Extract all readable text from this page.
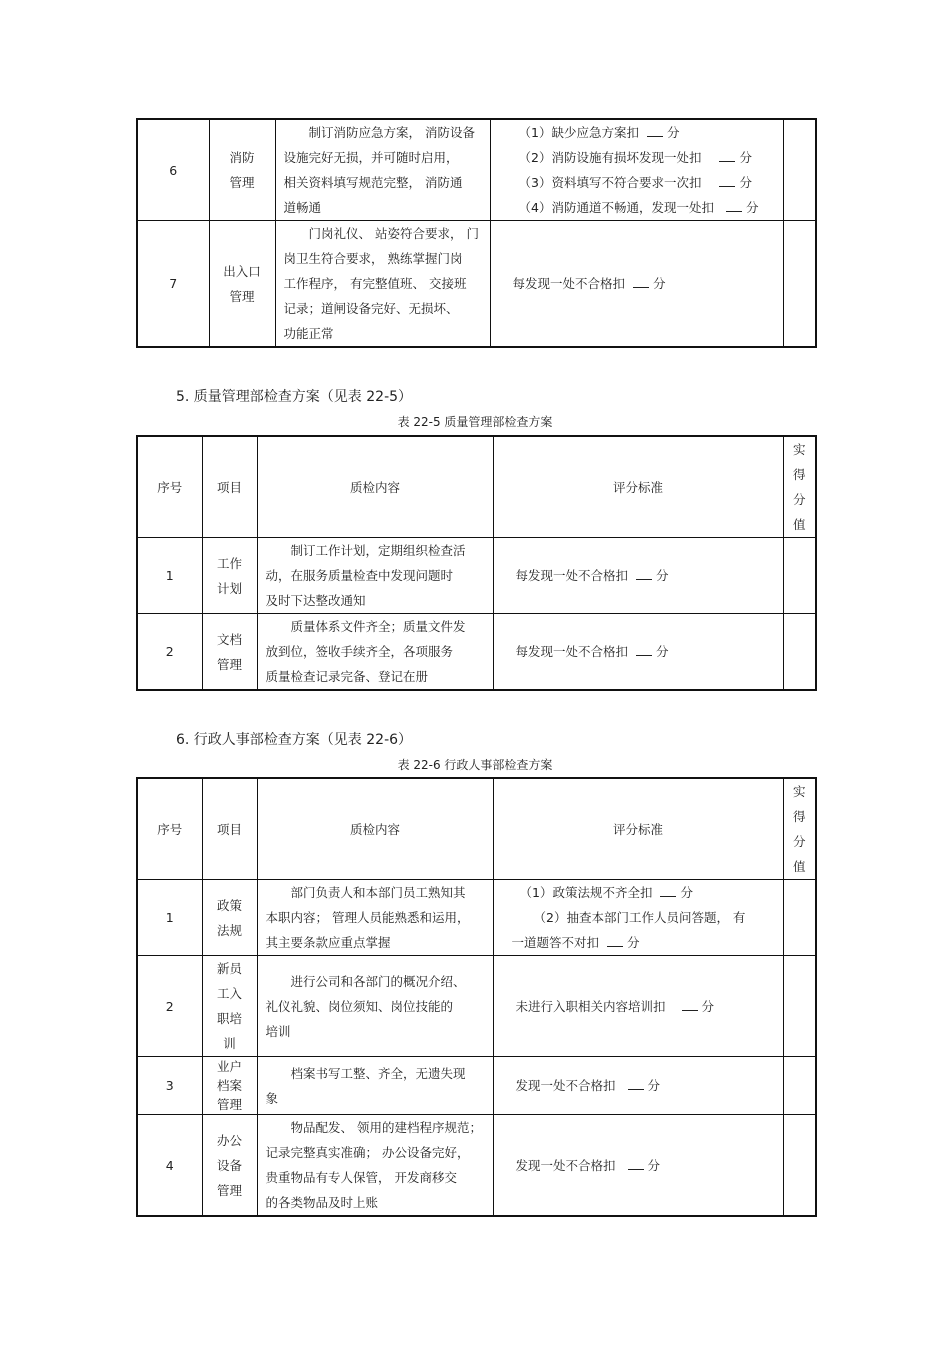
6	消防
管理	制订消防应急方案， 消防设备
设施完好无损，并可随时启用，
相关资料填写规范完整， 消防通
道畅通	（1）缺少应急方案扣 分
（2）消防设施有损坏发现一处扣 分
（3）资料填写不符合要求一次扣 分
（4）消防通道不畅通，发现一处扣 分	

7	出入口
管理	门岗礼仪、 站姿符合要求， 门
岗卫生符合要求， 熟练掌握门岗
工作程序， 有完整值班、 交接班
记录；道闸设备完好、无损坏、
功能正常	每发现一处不合格扣 分	

5. 质量管理部检查方案（见表 22-5）
表 22-5 质量管理部检查方案
序号	项目	质检内容	评分标准	实
得
分
值

1	工作
计划	制订工作计划，定期组织检查活
动，在服务质量检查中发现问题时
及时下达整改通知	每发现一处不合格扣 分	

2	文档
管理	质量体系文件齐全；质量文件发
放到位，签收手续齐全，各项服务
质量检查记录完备、登记在册	每发现一处不合格扣 分	

6. 行政人事部检查方案（见表 22-6）
表 22-6 行政人事部检查方案
序号	项目	质检内容	评分标准	实
得
分
值

1	政策
法规	部门负责人和本部门员工熟知其
本职内容； 管理人员能熟悉和运用，
其主要条款应重点掌握	（1）政策法规不齐全扣 分
（2）抽查本部门工作人员问答题， 有
一道题答不对扣 分	

2	新员
工入
职培
训	进行公司和各部门的概况介绍、
礼仪礼貌、岗位须知、岗位技能的
培训	未进行入职相关内容培训扣 分	

3	业户
档案
管理	档案书写工整、齐全，无遗失现
象	发现一处不合格扣 分	

4	办公
设备
管理	物品配发、 领用的建档程序规范；
记录完整真实准确； 办公设备完好，
贵重物品有专人保管， 开发商移交
的各类物品及时上账	发现一处不合格扣 分	
